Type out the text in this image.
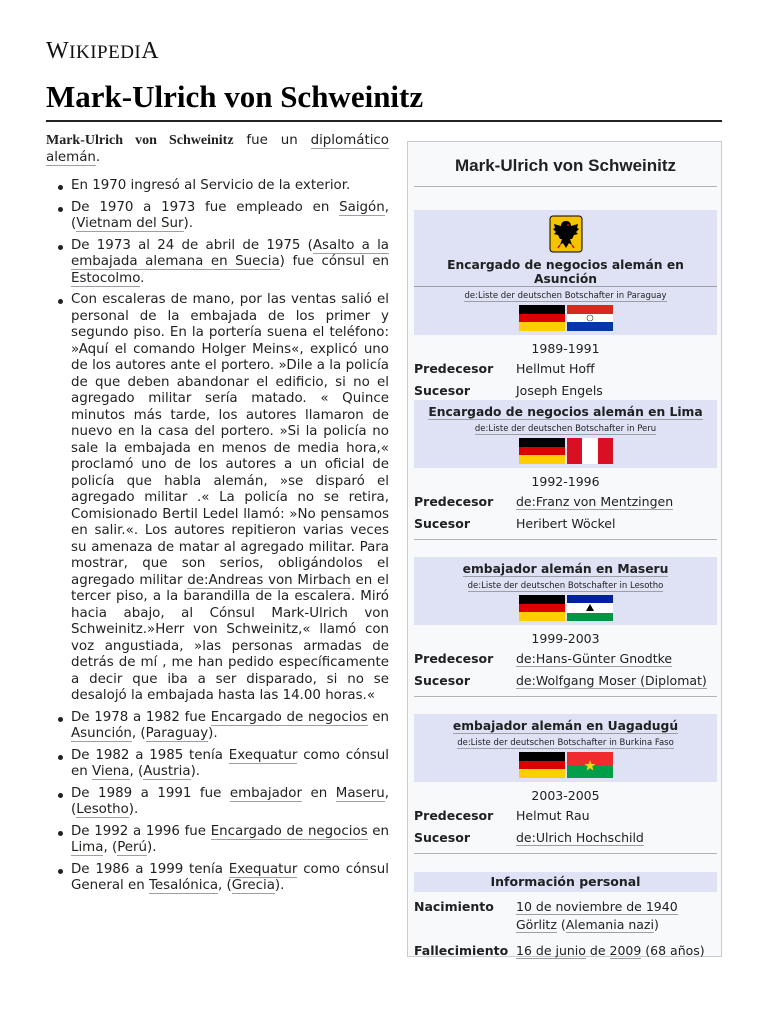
WIKIPEDIA
Mark-Ulrich von Schweinitz

Mark-Ulrich von Schweinitz fue un diplomático alemán.

En 1970 ingresó al Servicio de la exterior.
De 1970 a 1973 fue empleado en Saigón, (Vietnam del Sur).
De 1973 al 24 de abril de 1975 (Asalto a la embajada alemana en Suecia) fue cónsul en Estocolmo.
Con escaleras de mano, por las ventas salió el personal de la embajada de los primer y segundo piso. En la portería suena el teléfono: »Aquí el comando Holger Meins«, explicó uno de los autores ante el portero. »Dile a la policía de que deben abandonar el edificio, si no el agregado militar sería matado. « Quince minutos más tarde, los autores llamaron de nuevo en la casa del portero. »Si la policía no sale la embajada en menos de media hora,« proclamó uno de los autores a un oficial de policía que habla alemán, »se disparó el agregado militar .« La policía no se retira, Comisionado Bertil Ledel llamó: »No pensamos en salir.«. Los autores repitieron varias veces su amenaza de matar al agregado militar. Para mostrar, que son serios, obligándolos el agregado militar de:Andreas von Mirbach en el tercer piso, a la barandilla de la escalera. Miró hacia abajo, al Cónsul Mark-Ulrich von Schweinitz.»Herr von Schweinitz,« llamó con voz angustiada, »las personas armadas de detrás de mí , me han pedido específicamente a decir que iba a ser disparado, si no se desalojó la embajada hasta las 14.00 horas.«
De 1978 a 1982 fue Encargado de negocios en Asunción, (Paraguay).
De 1982 a 1985 tenía Exequatur como cónsul en Viena, (Austria).
De 1989 a 1991 fue embajador en Maseru, (Lesotho).
De 1992 a 1996 fue Encargado de negocios en Lima, (Perú).
De 1986 a 1999 tenía Exequatur como cónsul General en Tesalónica, (Grecia).
Mark-Ulrich von Schweinitz
Encargado de negocios alemán en Asunción
de:Liste der deutschen Botschafter in Paraguay
1989-1991
Predecesor	Hellmut Hoff
Sucesor	Joseph Engels
Encargado de negocios alemán en Lima
de:Liste der deutschen Botschafter in Peru
1992-1996
Predecesor	de:Franz von Mentzingen
Sucesor	Heribert Wöckel
embajador alemán en Maseru
de:Liste der deutschen Botschafter in Lesotho
1999-2003
Predecesor	de:Hans-Günter Gnodtke
Sucesor	de:Wolfgang Moser (Diplomat)
embajador alemán en Uagadugú
de:Liste der deutschen Botschafter in Burkina Faso
2003-2005
Predecesor	Helmut Rau
Sucesor	de:Ulrich Hochschild
Información personal
Nacimiento	10 de noviembre de 1940
Görlitz (Alemania nazi)
Fallecimiento 16 de junio de 2009 (68 años)
